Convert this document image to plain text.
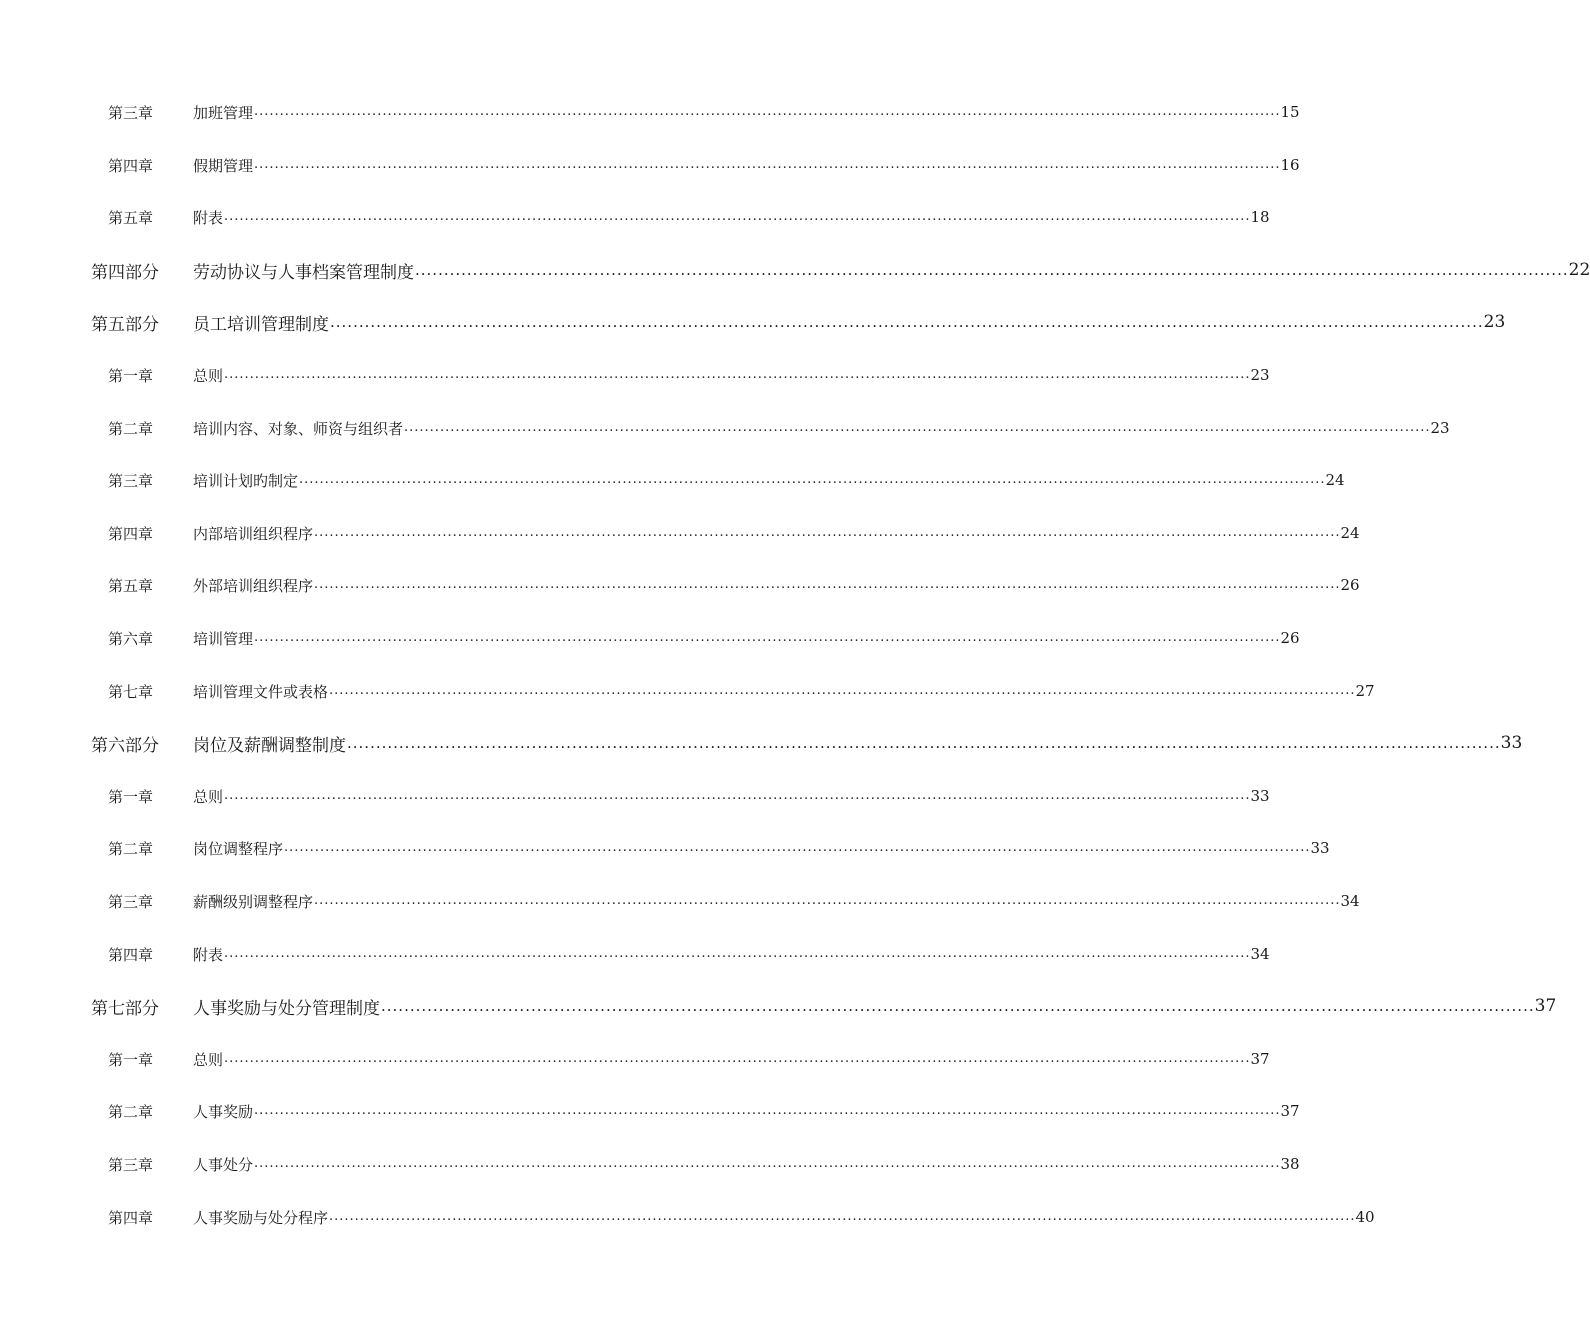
第三章	加班管理 ........................................................................................................................................................................................................ 15
第四章	假期管理 ........................................................................................................................................................................................................ 16
第五章	附表 ........................................................................................................................................................................................................ 18
第四部分 劳动协议与人事档案管理制度 ........................................................................................................................................................................................................ 22
第五部分 员工培训管理制度 ........................................................................................................................................................................................................ 23
第一章	总则 ........................................................................................................................................................................................................ 23
第二章	培训内容、对象、师资与组织者 ........................................................................................................................................................................................................ 23
第三章	培训计划旳制定 ........................................................................................................................................................................................................ 24
第四章	内部培训组织程序 ........................................................................................................................................................................................................ 24
第五章	外部培训组织程序 ........................................................................................................................................................................................................ 26
第六章	培训管理 ........................................................................................................................................................................................................ 26
第七章	培训管理文件或表格 ........................................................................................................................................................................................................ 27
第六部分 岗位及薪酬调整制度 ........................................................................................................................................................................................................ 33
第一章	总则 ........................................................................................................................................................................................................ 33
第二章	岗位调整程序 ........................................................................................................................................................................................................ 33
第三章	薪酬级别调整程序 ........................................................................................................................................................................................................ 34
第四章	附表 ........................................................................................................................................................................................................ 34
第七部分 人事奖励与处分管理制度 ........................................................................................................................................................................................................ 37
第一章	总则 ........................................................................................................................................................................................................ 37
第二章	人事奖励 ........................................................................................................................................................................................................ 37
第三章	人事处分 ........................................................................................................................................................................................................ 38
第四章	人事奖励与处分程序 ........................................................................................................................................................................................................ 40
